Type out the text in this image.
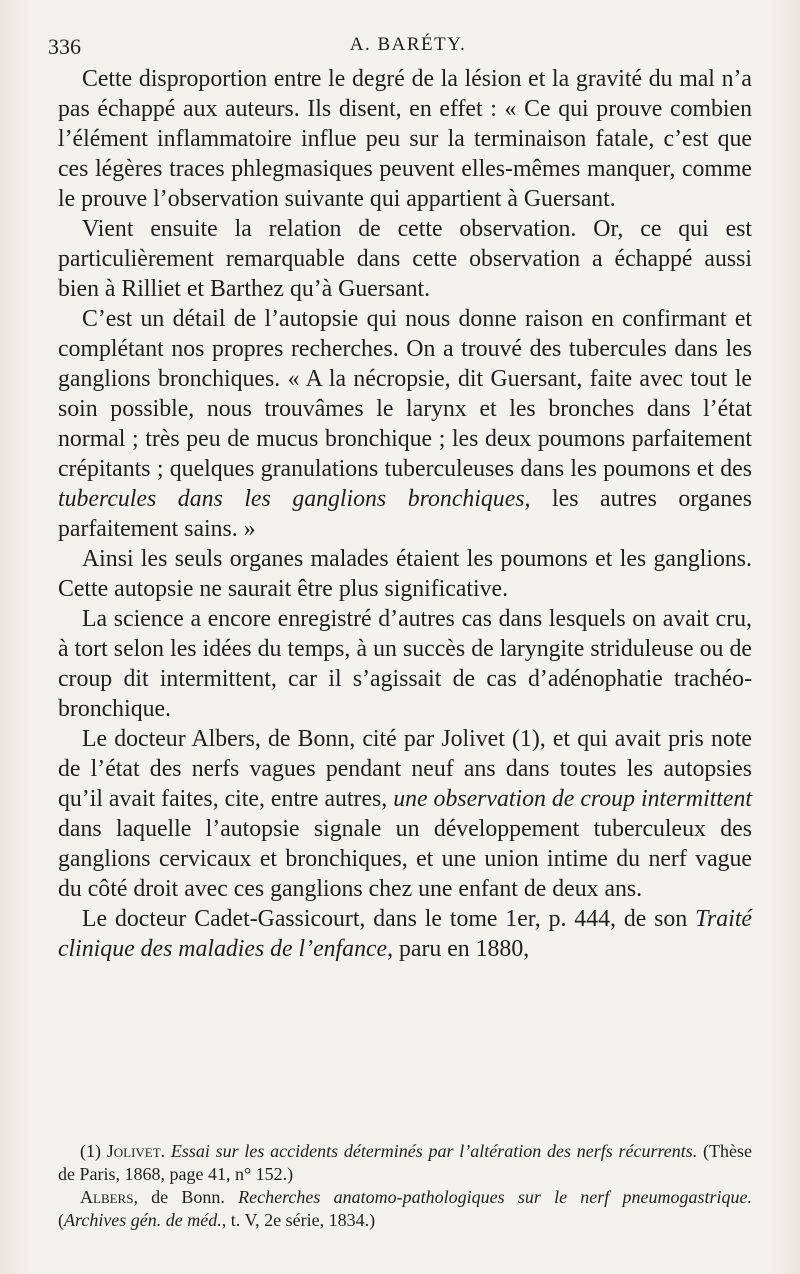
336	A. BARÉTY.

Cette disproportion entre le degré de la lésion et la gravité du mal n’a pas échappé aux auteurs. Ils disent, en effet : « Ce qui prouve combien l’élément inflammatoire influe peu sur la terminaison fatale, c’est que ces légères traces phlegmasiques peuvent elles-mêmes manquer, comme le prouve l’observation suivante qui appartient à Guersant.

Vient ensuite la relation de cette observation. Or, ce qui est particulièrement remarquable dans cette observation a échappé aussi bien à Rilliet et Barthez qu’à Guersant.

C’est un détail de l’autopsie qui nous donne raison en confirmant et complétant nos propres recherches. On a trouvé des tubercules dans les ganglions bronchiques. « A la nécropsie, dit Guersant, faite avec tout le soin possible, nous trouvâmes le larynx et les bronches dans l’état normal ; très peu de mucus bronchique ; les deux poumons parfaitement crépitants ; quelques granulations tuberculeuses dans les poumons et des tubercules dans les ganglions bronchiques, les autres organes parfaitement sains. »

Ainsi les seuls organes malades étaient les poumons et les ganglions. Cette autopsie ne saurait être plus significative.

La science a encore enregistré d’autres cas dans lesquels on avait cru, à tort selon les idées du temps, à un succès de laryngite striduleuse ou de croup dit intermittent, car il s’agissait de cas d’adénophatie trachéo-bronchique.

Le docteur Albers, de Bonn, cité par Jolivet (1), et qui avait pris note de l’état des nerfs vagues pendant neuf ans dans toutes les autopsies qu’il avait faites, cite, entre autres, une observation de croup intermittent dans laquelle l’autopsie signale un développement tuberculeux des ganglions cervicaux et bronchiques, et une union intime du nerf vague du côté droit avec ces ganglions chez une enfant de deux ans.

Le docteur Cadet-Gassicourt, dans le tome 1er, p. 444, de son Traité clinique des maladies de l’enfance, paru en 1880,

(1) Jolivet. Essai sur les accidents déterminés par l’altération des nerfs récurrents. (Thèse de Paris, 1868, page 41, n° 152.)

Albers, de Bonn. Recherches anatomo-pathologiques sur le nerf pneumogastrique. (Archives gén. de méd., t. V, 2e série, 1834.)
